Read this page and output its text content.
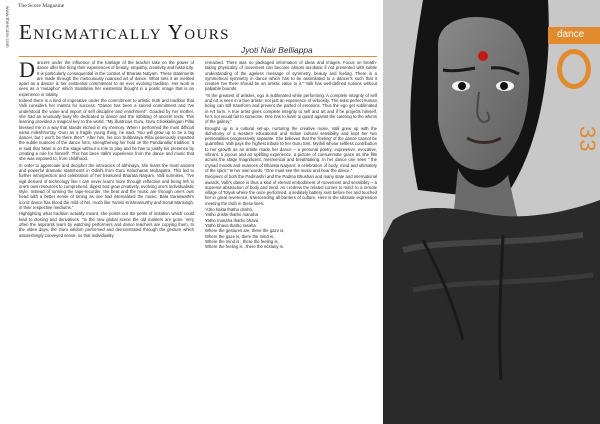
www.thescore.com The Score Magazine
Enigmatically Yours
Jyoti Nair Belliappa

Dancers under the influence of the tutelage of the teacher take on the power of dance offer like tiring their experiences of beauty, empathy, creativity and historicity. It is particularly consequential in the context of Bharata Natyam. These statements are made through the meticulously nuanced art of dance. What sets it as merited apart as a dancer is her existential commitment to an ever evolving tradition. Her work is seen as a 'metaphor' which translates her existential thought in a poetic image that is an experience in totality.

Indeed there is a kind of imperative under the commitment to artistic truth and tradition that Valli considers her mantra for success. "Dance has been a sacred commitment and I've understood the value and import of self discipline and enrichment". Goaded by her mother, she had an unusually busy life dedicated to dance and the imbibing of ancient texts. This learning provided a magical key to the world. "My illustrious Guru, Guru Chokkalingam Pillai blessed me in a way that stands etched in my memory. When I performed the most difficult sama mileshhorray, Guru as a fragile young thing, he said, 'You will grow up to be a big dancer, but I won't be there then'". After him, his son Subbaraya Pillai generously imparted the subtle nuances of the dance form, strengthening her hold on the Pandanallur tradition. It is said that 'Mani is on the stage without a role to play and he has to justify his presence by creating a role for himself'. This has been Valli's experience from the dance and music that she was exposed to, from childhood.

In order to appreciate and decipher the intricacies of abhinaya, she learnt the most ancient and powerful dramatic statements in Odishi from Guru Kelucharan Mohapatra. This led to further introspection and celebration of her treasured Bharata Natyam. Valli surmises, "I've vigil derived of technology like I can never learnt more through reflection and being left to one's own resources to comprehend, digest and grow creatively, evolving one's individualistic style. Instead of running the tape-recorder, the beat and the music are through one's own head with a better sense of timing as one had internalised the music. Bala Saraswathi's iconic dance has blood the mild of her, much like Yamini Krishnamurthy and Sonal Mansingh, in their respective mediums."

Highlighting what tradition actually meant, she points out the perils of imitation which could lead to cloning and derivatives. "In the new global scene the old masters are gone. Very often the aspirants learn by watching performers and dance teachers are copying them. In the olden days, the Guru seldom performed and demonstrated through the gesture which astonishingly conveyed sense, so that individuality

remained. There was no packaged information of ideas and images. Focus on breath-taking physicality of movement can become almost acrobatic if not presented with subtle understanding of the ageless message of symmetry, beauty and feeling. There is a symmetrical symmetry in dance which has to be assimilated to a dancer's such that it creates I've there should be an artistic value to it." Valli has well-defined notions without palpable bounds.

"In the greatest of artistes, ego is sublimated while performing. A complete integrity of self and Art is seen in a true artiste; not just an experience of virtuosity. The least perfect human being can still transform and prevent the parted of emotions. Thus the ego get sublimated in Art form. A true artist gives complete integrity to self and art and if he projects himself, he's not would fail to someone. One has to learn to guard against the catering to the whims of the gallery."

Brought up in a cultural set-up, nurturing the creative muse, Valli grew up with the dichotomy of a western educational and Indian cultural sensibility and kept her two personalities progressively separate. She believes that the 'feeling' of the dance cannot be quantified. Valli pays the highest tribute to her Guru Smt. Mythili whose selfless contribution to her growth as an artiste made her dance – a personal poetry, expressive, evocative, vibrant, a joyous and an uplifting experience, a picture of consummate grace as she flits across the stage magnificent, mesmerical and breathtaking. In her dance one sees " the myriad moods and nuances of Bharata Natyam: a celebration of body, mind and ultimately of the spirit." In her own words, "One must see the music and hear the dance."

Recipient of both the Padmashri and the Padma Bhushan and many state and international awards, Valli's dance is thus a kind of eternal embodiment of movement and sensibility – a supreme abstraction of body and mind. As I redrew the related comes to mind: to a remote village of Tolyuk where the once performed, a sedately battery sent before her and touched her in great reverence, transcending all barriers of culture. Here is the ultimate expression meeting the truth in these lines:

'Atho hasta thatho drishti,

Yatho drishti thatho manaha

Yatho manaha thatho bhava

Yatho bhava thatho rasaha

Where the gestures are, there the gaze is,

Where the gaze is, there the mind is,

Where the mind is , there the feeling is,

Where the feeling is , there the ecstasy is.

dance
33
